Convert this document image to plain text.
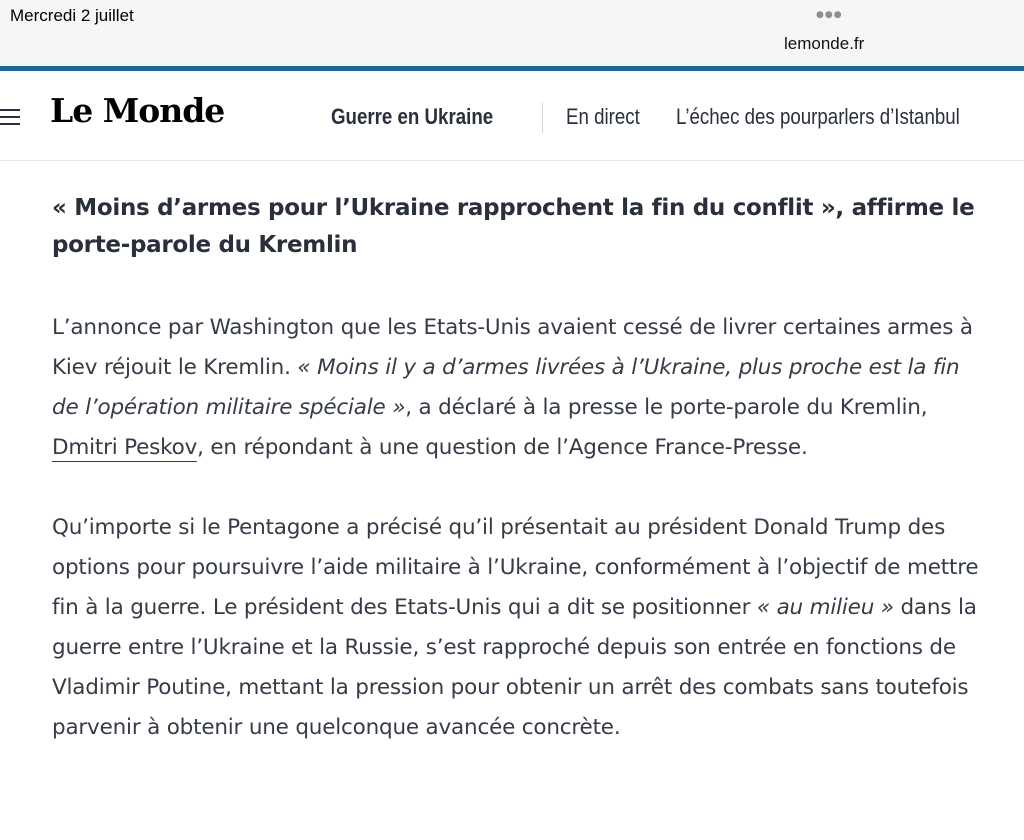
Mercredi 2 juillet	●●●
lemonde.fr
Le Monde	Guerre en Ukraine	En direct L’échec des pourparlers d’Istanbul
« Moins d’armes pour l’Ukraine rapprochent la fin du conflit », affirme le porte-parole du Kremlin

L’annonce par Washington que les Etats-Unis avaient cessé de livrer certaines armes à Kiev réjouit le Kremlin. « Moins il y a d’armes livrées à l’Ukraine, plus proche est la fin de l’opération militaire spéciale », a déclaré à la presse le porte-parole du Kremlin, Dmitri Peskov, en répondant à une question de l’Agence France-Presse.

Qu’importe si le Pentagone a précisé qu’il présentait au président Donald Trump des options pour poursuivre l’aide militaire à l’Ukraine, conformément à l’objectif de mettre fin à la guerre. Le président des Etats-Unis qui a dit se positionner « au milieu » dans la guerre entre l’Ukraine et la Russie, s’est rapproché depuis son entrée en fonctions de Vladimir Poutine, mettant la pression pour obtenir un arrêt des combats sans toutefois parvenir à obtenir une quelconque avancée concrète.
